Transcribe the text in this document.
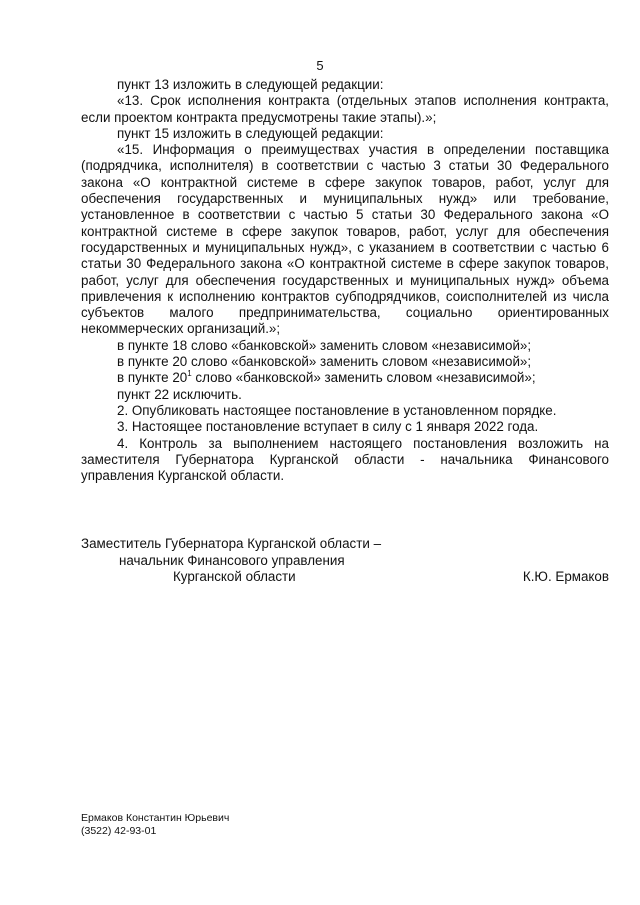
5

пункт 13 изложить в следующей редакции:

«13. Срок исполнения контракта (отдельных этапов исполнения контракта, если проектом контракта предусмотрены такие этапы).»;

пункт 15 изложить в следующей редакции:

«15. Информация о преимуществах участия в определении поставщика (подрядчика, исполнителя) в соответствии с частью 3 статьи 30 Федерального закона «О контрактной системе в сфере закупок товаров, работ, услуг для обеспечения государственных и муниципальных нужд» или требование, установленное в соответствии с частью 5 статьи 30 Федерального закона «О контрактной системе в сфере закупок товаров, работ, услуг для обеспечения государственных и муниципальных нужд», с указанием в соответствии с частью 6 статьи 30 Федерального закона «О контрактной системе в сфере закупок товаров, работ, услуг для обеспечения государственных и муниципальных нужд» объема привлечения к исполнению контрактов субподрядчиков, соисполнителей из числа субъектов малого предпринимательства, социально ориентированных некоммерческих организаций.»;

в пункте 18 слово «банковской» заменить словом «независимой»;

в пункте 20 слово «банковской» заменить словом «независимой»;

в пункте $20^1$ слово «банковской» заменить словом «независимой»;

пункт 22 исключить.

2. Опубликовать настоящее постановление в установленном порядке.

3. Настоящее постановление вступает в силу с 1 января 2022 года.

4. Контроль за выполнением настоящего постановления возложить на заместителя Губернатора Курганской области - начальника Финансового управления Курганской области.

Заместитель Губернатора Курганской области –
начальник Финансового управления
Курганской области	К.Ю. Ермаков
Ермаков Константин Юрьевич
(3522) 42-93-01
